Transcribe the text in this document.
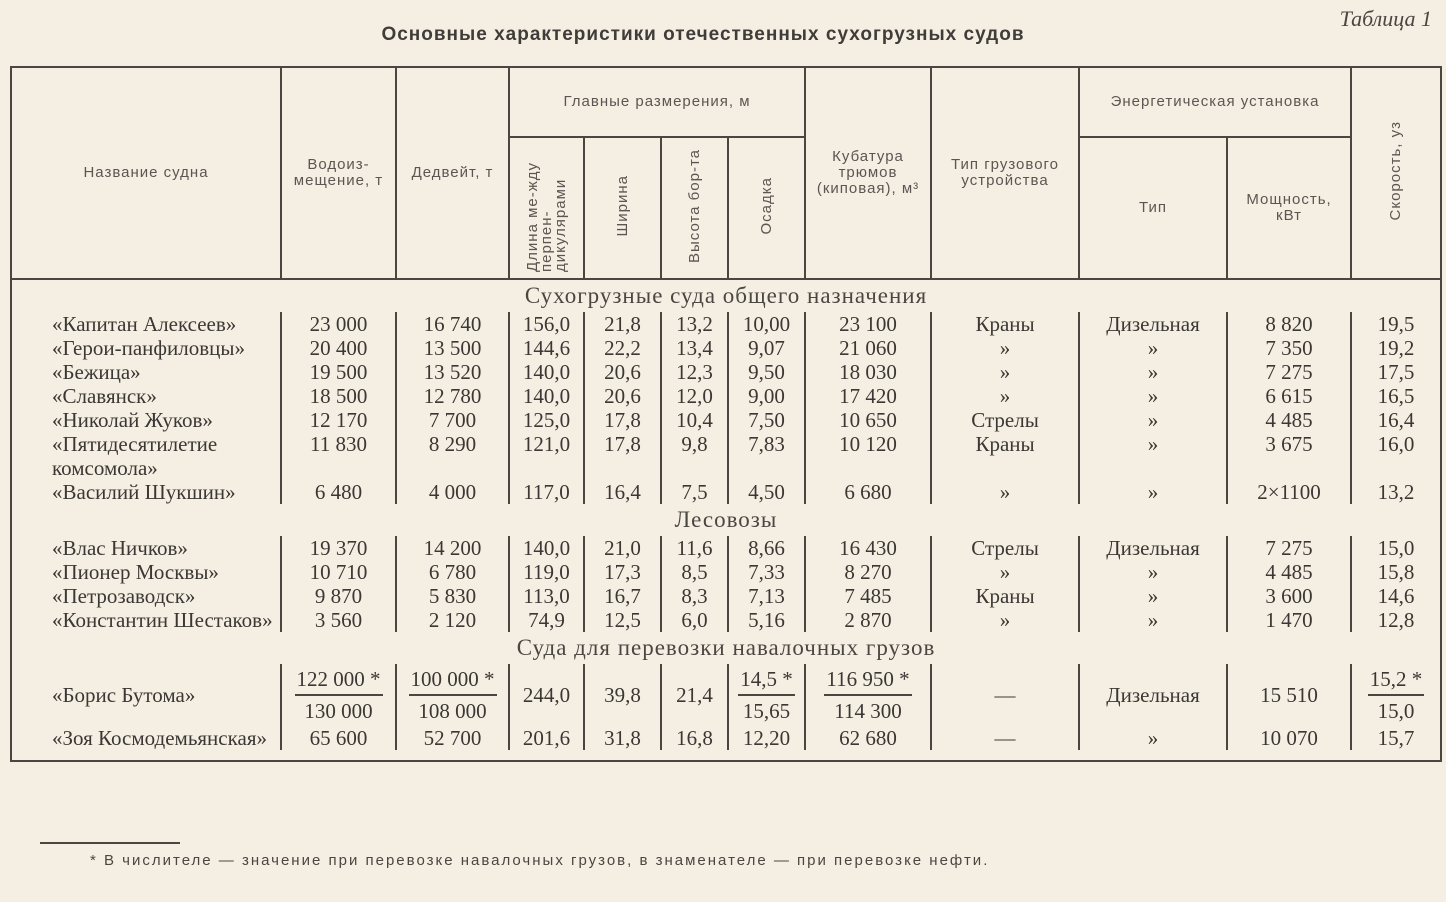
Таблица 1
Основные характеристики отечественных сухогрузных судов
Название судна	Водоиз-мещение, т	Дедвейт, т	Главные размерения, м				Кубатура трюмов (киповая), м³	Тип грузового устройства	Энергетическая установка		Скорость, уз
			Длина ме-жду перпен-дикулярами	Ширина	Высота бор-та	Осадка			Тип	Мощность, кВт	
Сухогрузные суда общего назначения											
«Капитан Алексеев»	23 000	16 740	156,0	21,8	13,2	10,00	23 100	Краны	Дизельная	8 820	19,5
«Герои-панфиловцы»	20 400	13 500	144,6	22,2	13,4	9,07	21 060	»	»	7 350	19,2
«Бежица»	19 500	13 520	140,0	20,6	12,3	9,50	18 030	»	»	7 275	17,5
«Славянск»	18 500	12 780	140,0	20,6	12,0	9,00	17 420	»	»	6 615	16,5
«Николай Жуков»	12 170	7 700	125,0	17,8	10,4	7,50	10 650	Стрелы	»	4 485	16,4
«Пятидесятилетие комсомола»	11 830	8 290	121,0	17,8	9,8	7,83	10 120	Краны	»	3 675	16,0
«Василий Шукшин»	6 480	4 000	117,0	16,4	7,5	4,50	6 680	»	»	2×1100	13,2
Лесовозы											
«Влас Ничков»	19 370	14 200	140,0	21,0	11,6	8,66	16 430	Стрелы	Дизельная	7 275	15,0
«Пионер Москвы»	10 710	6 780	119,0	17,3	8,5	7,33	8 270	»	»	4 485	15,8
«Петрозаводск»	9 870	5 830	113,0	16,7	8,3	7,13	7 485	Краны	»	3 600	14,6
«Константин Шестаков»	3 560	2 120	74,9	12,5	6,0	5,16	2 870	»	»	1 470	12,8
Суда для перевозки навалочных грузов											
«Борис Бутома»	$\frac{122 000 *}{130 000}$	$\frac{100 000 *}{108 000}$	244,0	39,8	21,4	$\frac{14,5 *}{15,65}$	$\frac{116 950 *}{114 300}$	—	Дизельная	15 510	$\frac{15,2 *}{15,0}$

«Зоя Космодемьянская»	65 600	52 700	201,6	31,8	16,8	12,20	62 680	—	»	10 070	15,7

* В числителе — значение при перевозке навалочных грузов, в знаменателе — при перевозке нефти.
